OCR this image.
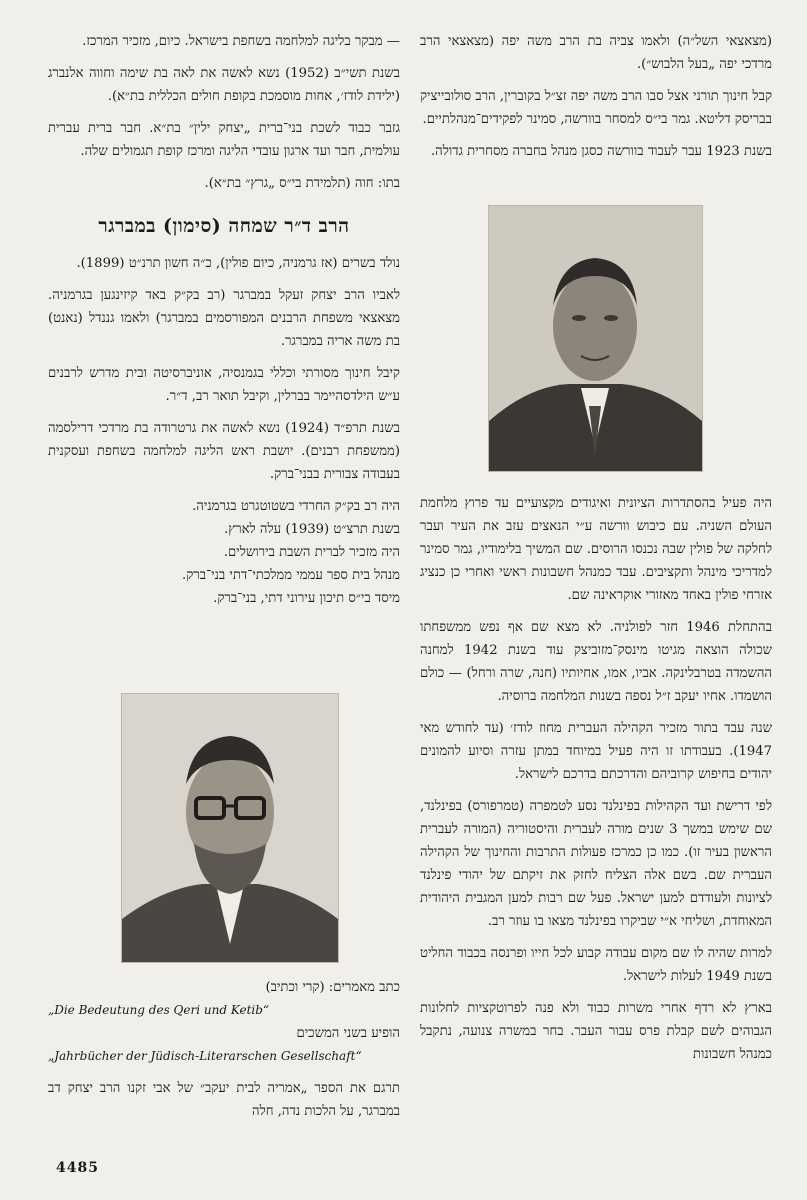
(מצאצאי השל״ה) ולאמו צביה בת הרב משה יפה (מצאצאי הרב מרדכי יפה „בעל הלבוש״).

קבל חינוך תורני אצל סבו הרב משה יפה זצ״ל בקוברין, הרב סולובייציק בבריסק דליטא. גמר בי״ס למסחר בוורשה, סמינר לפקידים־מנהלתיים.

בשנת 1923 עבר לעבוד בוורשה כסגן מנהל בחברה מסחרית גדולה.

היה פעיל בהסתדרות הציונית ואיגודים מקצועיים עד פרוץ מלחמת העולם השניה. עם כיבוש וורשה ע״י הנאצים עזב את העיר ועבר לחלקה של פולין שבה נכנסו הרוסים. שם המשיך בלימודיו, גמר סמינר למדריכי מינהל ותקציבים. עבד כמנהל חשבונות ראשי ואחרי כן כנציג אזרחי פולין באחד מאזורי אוקראינה שם.

בהתחלת 1946 חזר לפולניה. לא מצא שם אף נפש ממשפחתו שכולה הוצאה מגיטו מינסק־מזוביצק עוד בשנת 1942 למחנה ההשמדה בטרבלינקה. אביו, אמו, אחיותיו (חנה, שרה ורחל) — כולם הושמדו. אחיו יעקב ז״ל נספה בשנות המלחמה ברוסיה.

שנה עבד בתור מזכיר הקהילה העברית מחוז לודז׳ (עד לחודש מאי 1947). בעבודתו זו היה פעיל במיוחד במתן עזרה וסיוע להמונים יהודים בחיפוש קרוביהם והדרכתם בדרכם לישראל.

לפי דרישת ועד הקהילות בפינלנד נסע לטמפרה (טמרפורס) בפינלנד, שם שימש במשך 3 שנים מורה לעברית והיסטוריה (המורה לעברית הראשון בעיר זו). כמו כן כמרכז פעולות התרבות והחינוך של הקהילה העברית שם. בשם אלה הצליח לחזק את זיקתם של יהודי פינלנד לציונות ולעודדם למען ישראל. פעל שם רבות למען המגבית היהודית המאוחדת, ושליחי א״י שביקרו בפינלנד מצאו בו עוזר רב.

למרות שהיה לו שם מקום עבודה קבוע לכל חייו ופרנסה בכבוד החליט בשנת 1949 לעלות לישראל.

בארץ לא רדף אחרי משרות כבוד ולא פנה לפרוטקציות לחלונות הגבוהים לשם קבלת פרס עבור העבר. בחר במשרה צנועה, נתקבל כמנהל חשבונות

— מבקר בליגה למלחמה בשחפת בישראל. כיום, מזכיר המרכז.

בשנת תשי״ב (1952) נשא לאשה את לאה בת שימה וחווה אלנברג (ילידת לודז׳, אחות מוסמכת בקופת חולים הכללית בת״א).

גזבר כבוד לשכת בני־ברית „יצחק ילין״ בת״א. חבר ברית עברית עולמית, חבר ועד ארגון עובדי הליגה ומרכז קופת תגמולים שלה.

בתו: חוה (תלמידת בי״ס „גרץ״ בת״א).

הרב ד״ר שמחה (סימון) במברגר

נולד בשרים (אז גרמניה, כיום פולין), כ״ה חשון תרנ״ט (1899).

לאביו הרב יצחק זעקל במברגר (רב בק״ק באד קיזינגען בגרמניה. מצאצאי משפחת הרבנים המפורסמים במברגר) ולאמו גננדל (נאנט) בת משה אריה במברגר.

קיבל חינוך מסורתי וכללי בגמנסיה, אוניברסיטה ובית מדרש לרבנים ע״ש הילדסהיימר בברלין, וקיבל תואר רב, ד״ר.

בשנת תרפ״ד (1924) נשא לאשה את גרטרודה בת מרדכי דרילסמה (ממשפחת רבנים). יושבת ראש הליגה למלחמה בשחפת ועסקנית בעבודה צבורית בבני־ברק.

היה רב בק״ק החרדי בשטוטגרט בגרמניה.

בשנת תרצ״ט (1939) עלה לארץ.

היה מזכיר לברית השבת בירושלים.

מנהל בית ספר עממי ממלכתי־דתי בני־ברק.

מיסד בי״ס תיכון עירוני דתי, בני־ברק.

כתב מאמרים: (קרי וכתיב)

„Die Bedeutung des Qeri und Ketib“

הופיע בשני המשכים

„Jahrbücher der Jüdisch-Literarschen Gesellschaft“

תרגם את הספר „אמריה לבית יעקב״ של אבי זקנו הרב יצחק דב במברגר, על הלכות נדה, חלה

4485
